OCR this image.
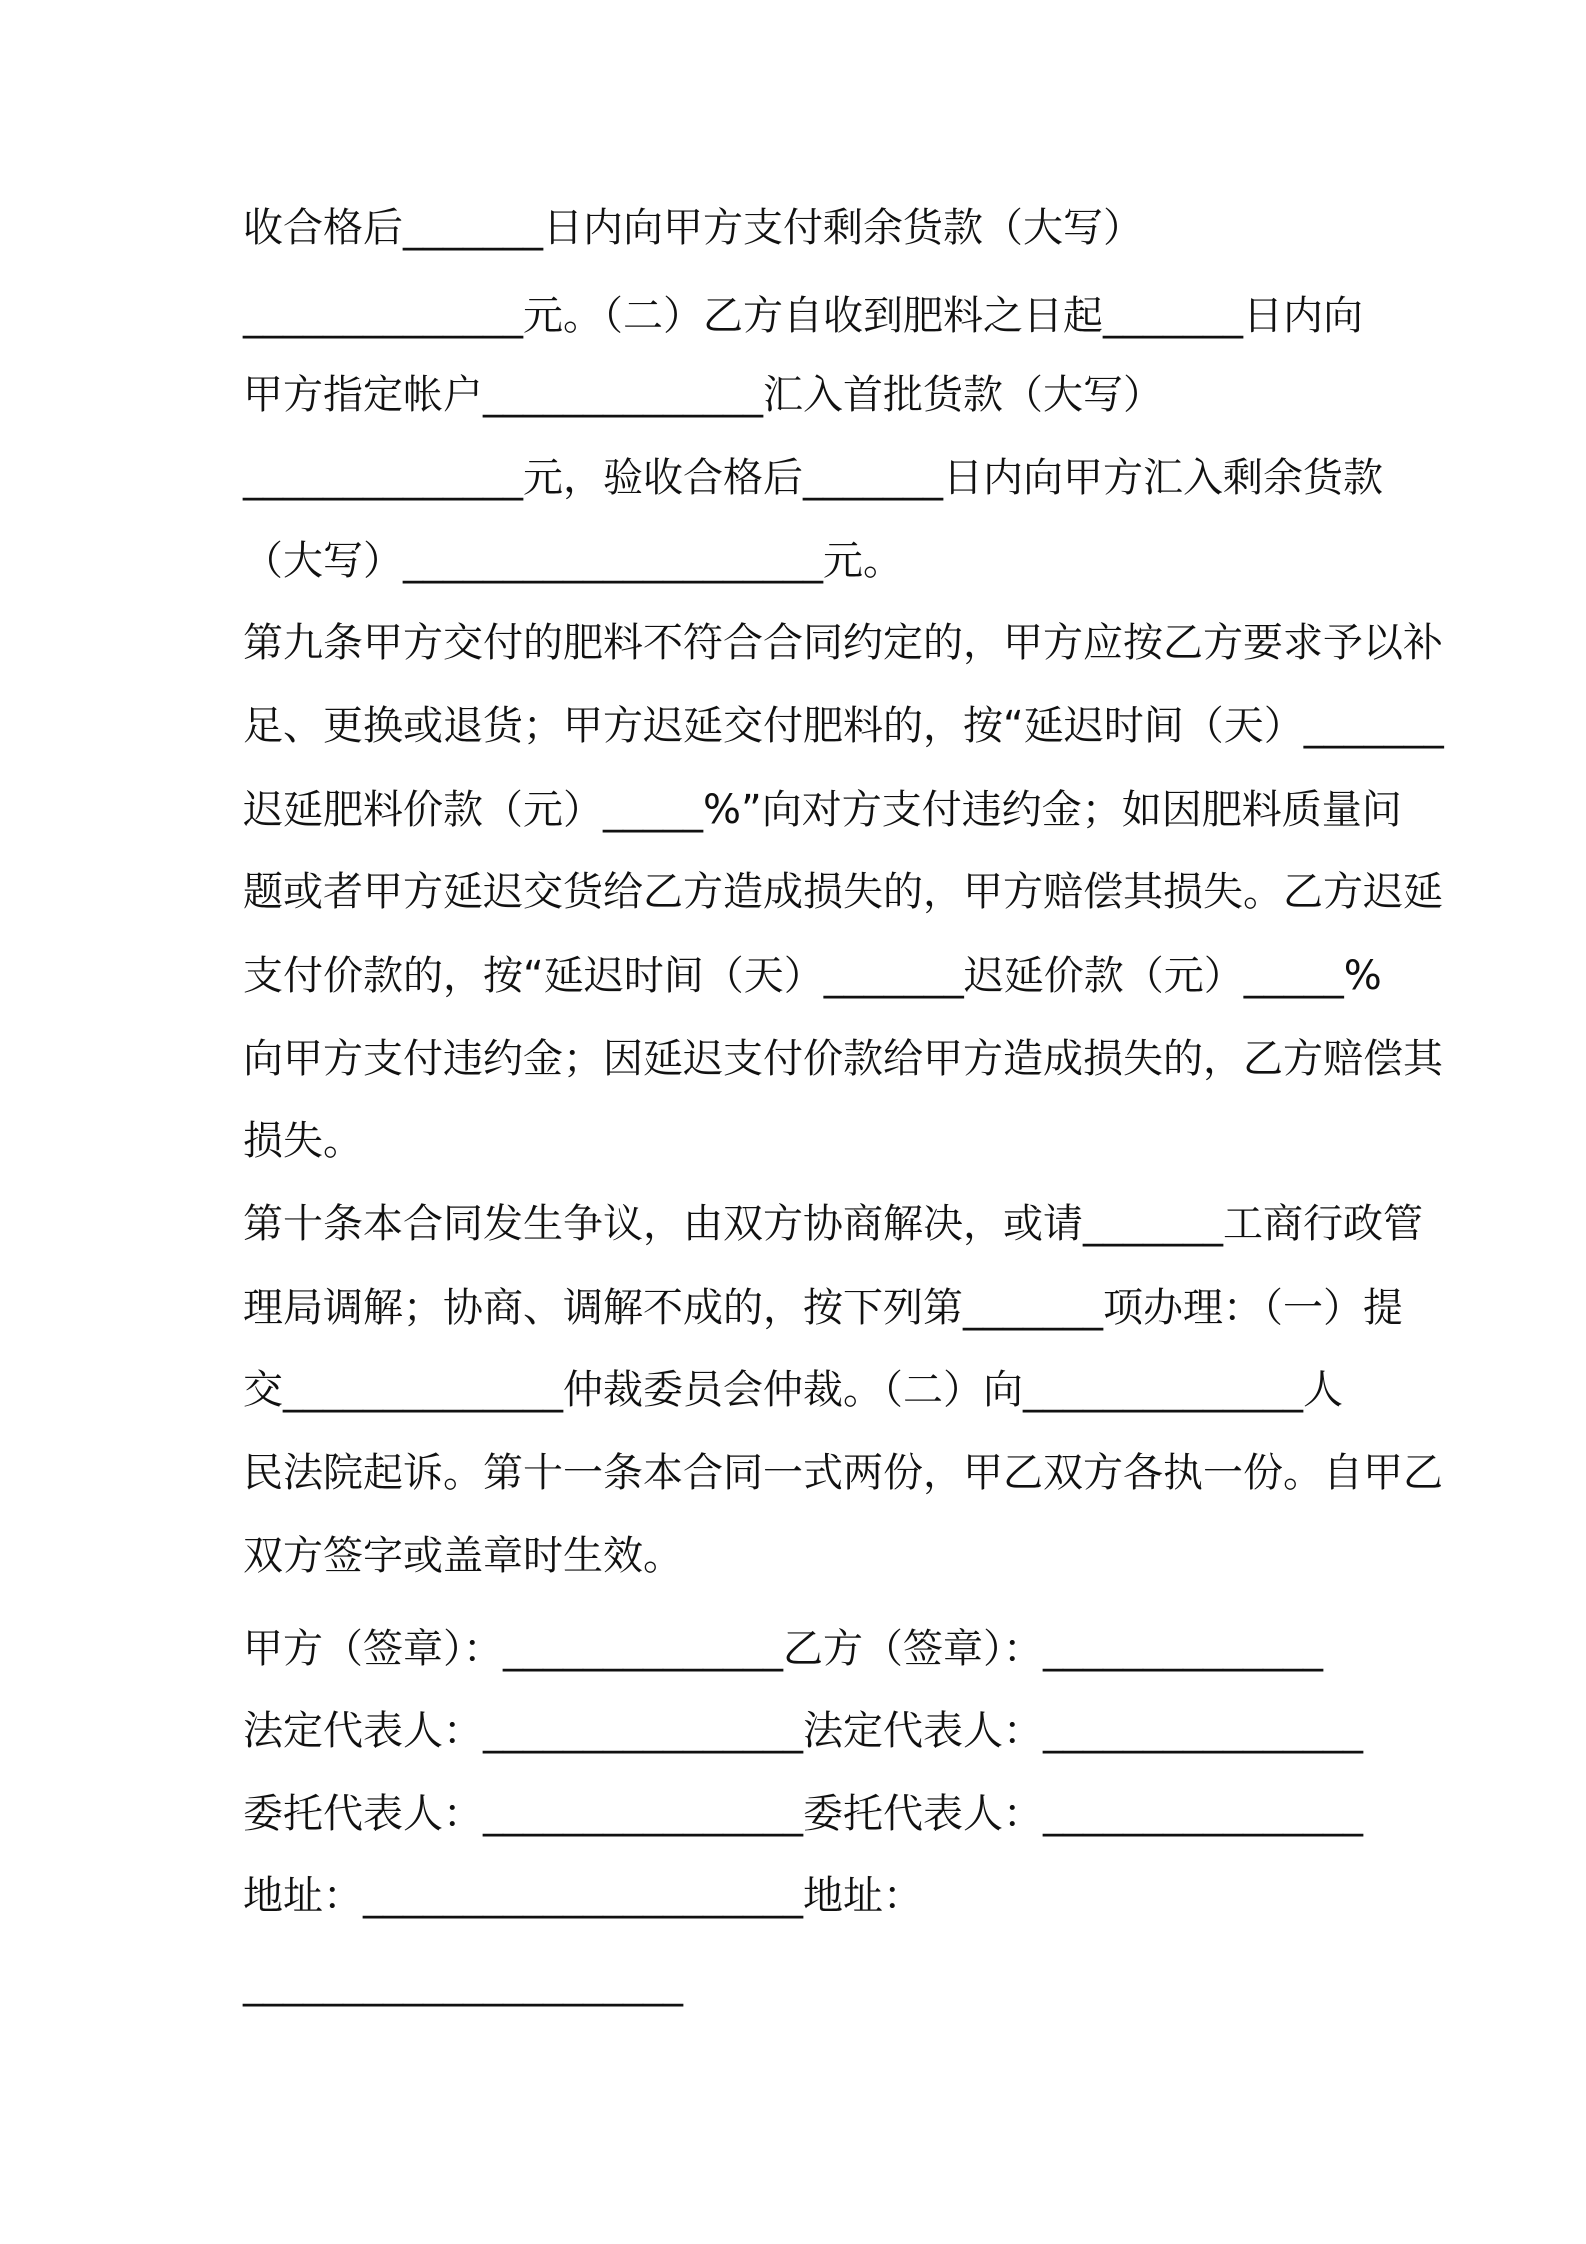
收合格后_______日内向甲方支付剩余货款（大写）

______________元。（二）乙方自收到肥料之日起_______日内向

甲方指定帐户______________汇入首批货款（大写）

______________元，验收合格后_______日内向甲方汇入剩余货款

（大写）_____________________元。

第九条甲方交付的肥料不符合合同约定的，甲方应按乙方要求予以补

足、更换或退货；甲方迟延交付肥料的，按“延迟时间（天）_______

迟延肥料价款（元）_____%”向对方支付违约金；如因肥料质量问

题或者甲方延迟交货给乙方造成损失的，甲方赔偿其损失。乙方迟延

支付价款的，按“延迟时间（天）_______迟延价款（元）_____%

向甲方支付违约金；因延迟支付价款给甲方造成损失的，乙方赔偿其

损失。

第十条本合同发生争议，由双方协商解决，或请_______工商行政管

理局调解；协商、调解不成的，按下列第_______项办理：（一）提

交______________仲裁委员会仲裁。（二）向______________人

民法院起诉。第十一条本合同一式两份，甲乙双方各执一份。自甲乙

双方签字或盖章时生效。

甲方（签章）：______________乙方（签章）：______________

法定代表人：________________法定代表人：________________

委托代表人：________________委托代表人：________________

地址：______________________地址：

______________________
